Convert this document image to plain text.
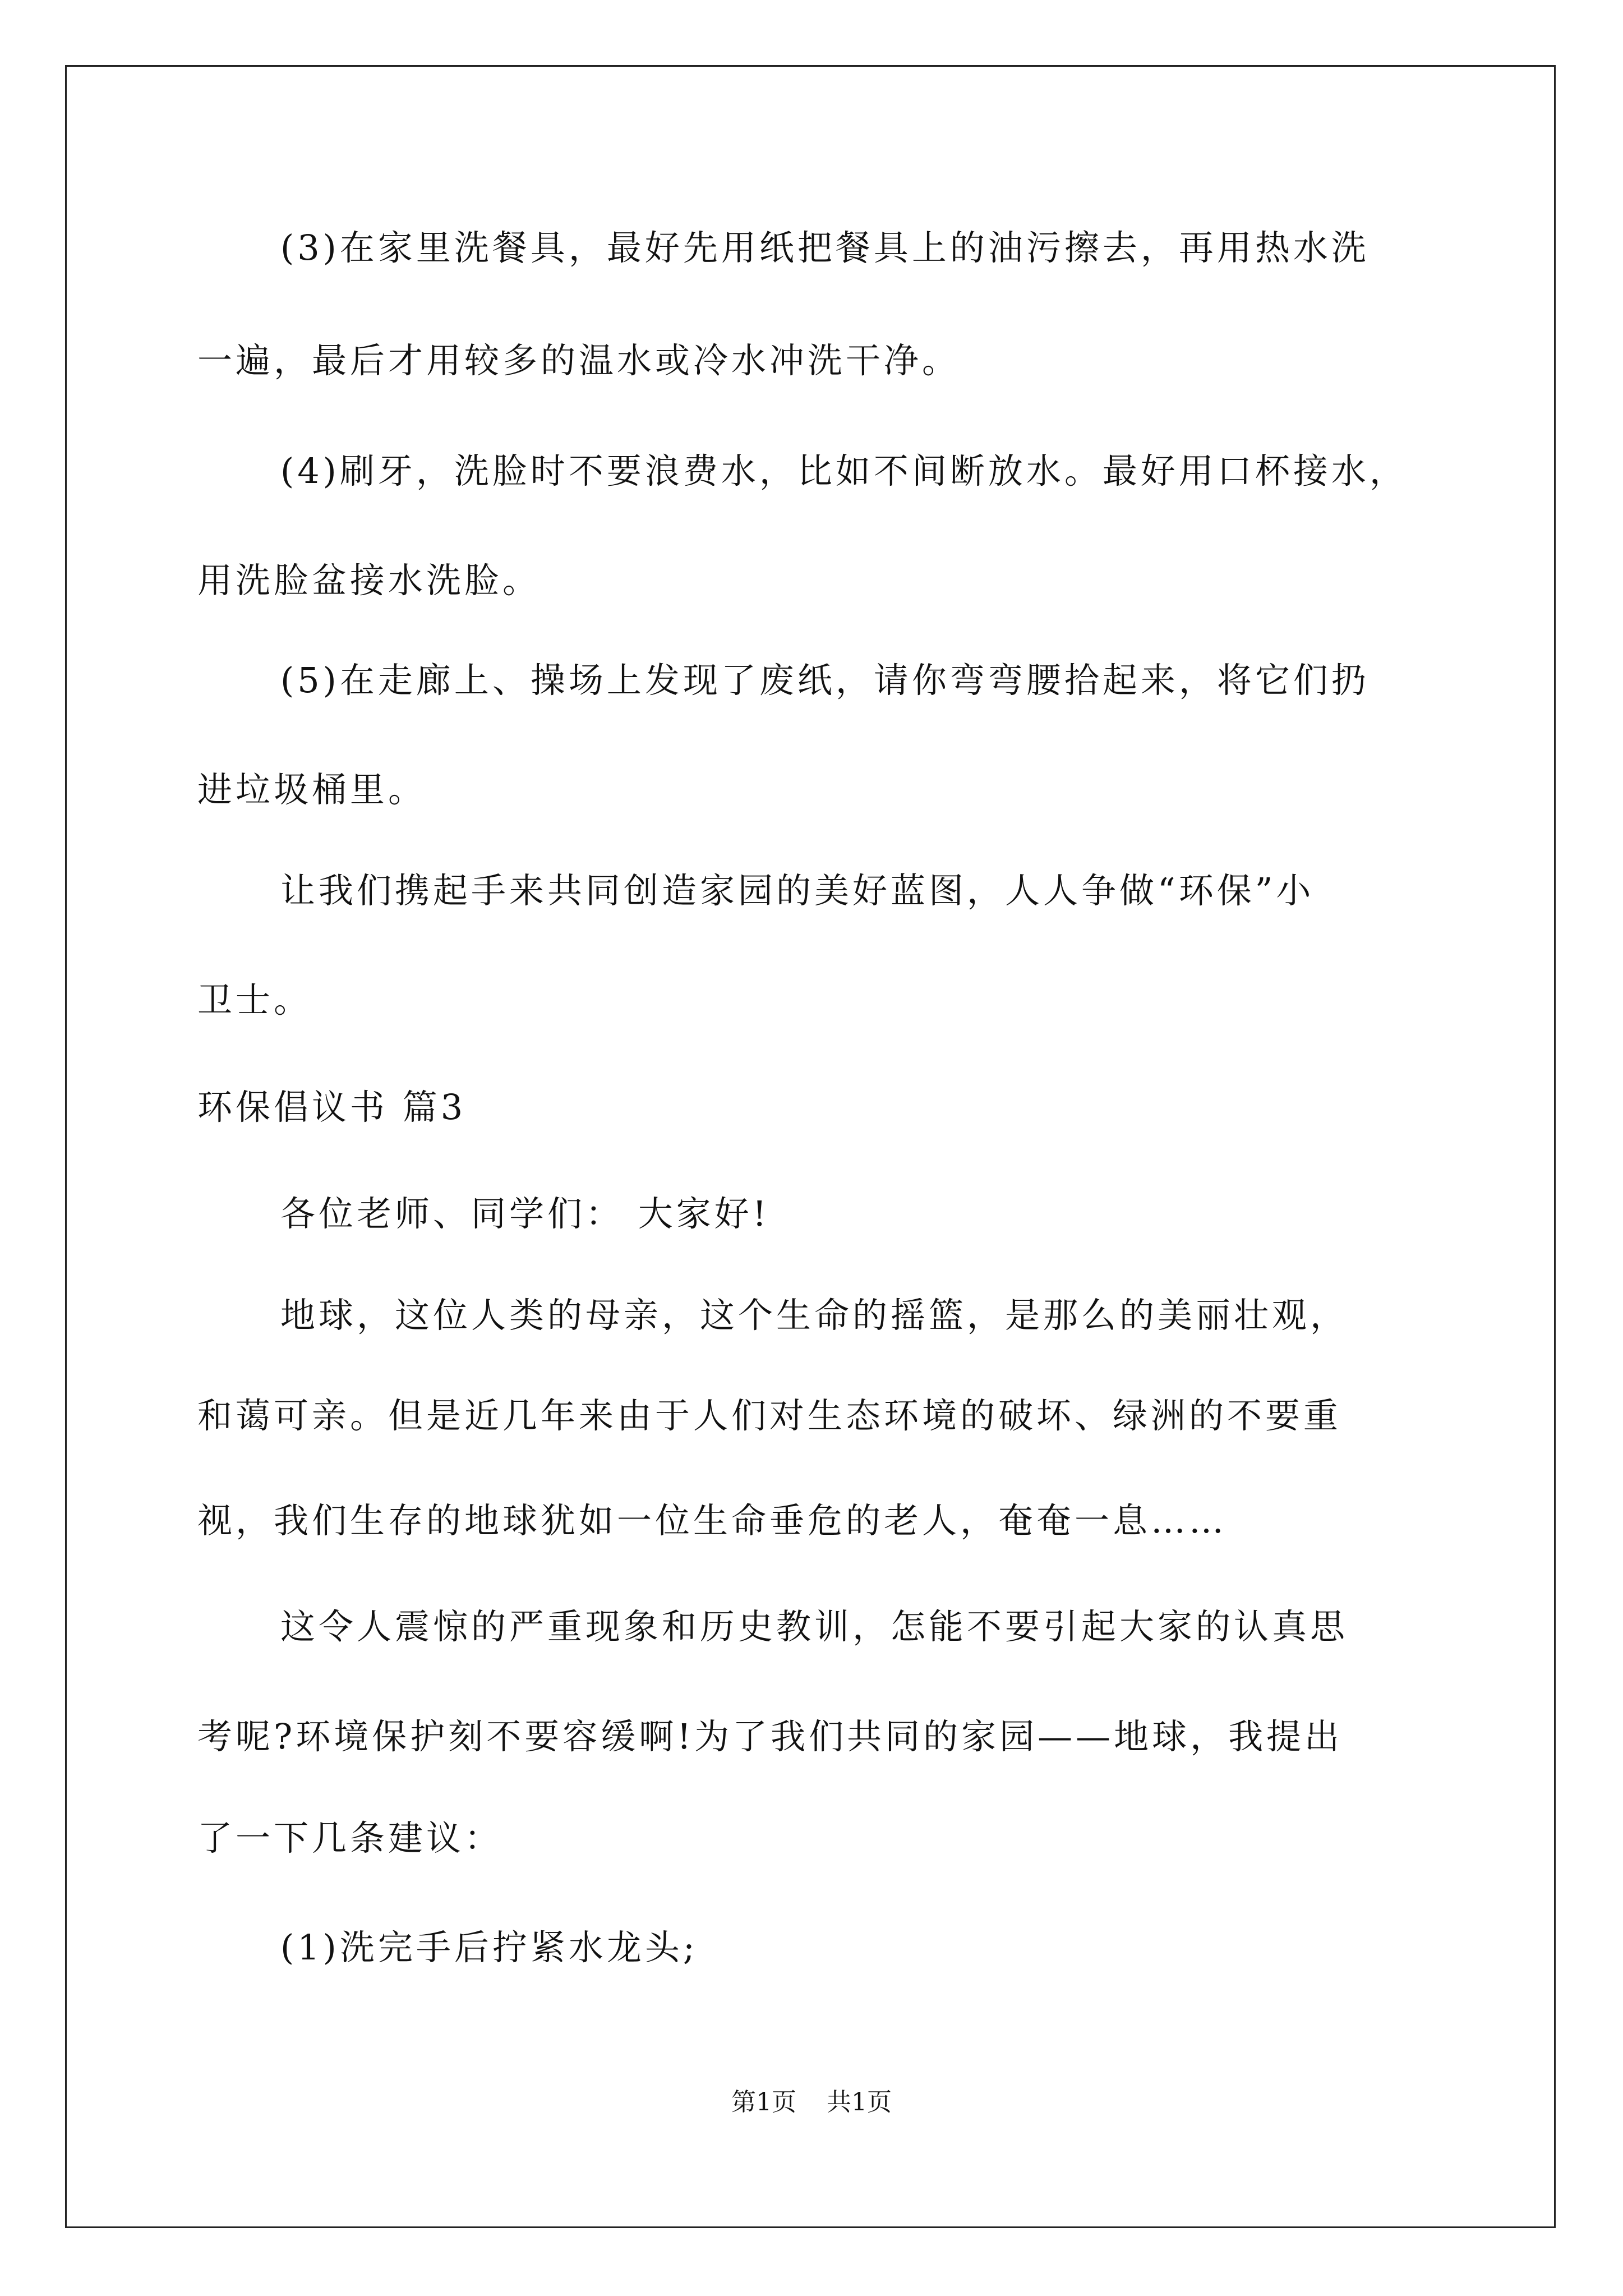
(3)在家里洗餐具，最好先用纸把餐具上的油污擦去，再用热水洗
一遍，最后才用较多的温水或冷水冲洗干净。
(4)刷牙，洗脸时不要浪费水，比如不间断放水。最好用口杯接水，
用洗脸盆接水洗脸。
(5)在走廊上、操场上发现了废纸，请你弯弯腰拾起来，将它们扔
进垃圾桶里。
让我们携起手来共同创造家园的美好蓝图，人人争做“环保”小
卫士。
环保倡议书 篇3
各位老师、同学们： 大家好!
地球，这位人类的母亲，这个生命的摇篮，是那么的美丽壮观，
和蔼可亲。但是近几年来由于人们对生态环境的破坏、绿洲的不要重
视，我们生存的地球犹如一位生命垂危的老人，奄奄一息……
这令人震惊的严重现象和历史教训，怎能不要引起大家的认真思
考呢?环境保护刻不要容缓啊!为了我们共同的家园——地球，我提出
了一下几条建议：
(1)洗完手后拧紧水龙头;
第1页 共1页
